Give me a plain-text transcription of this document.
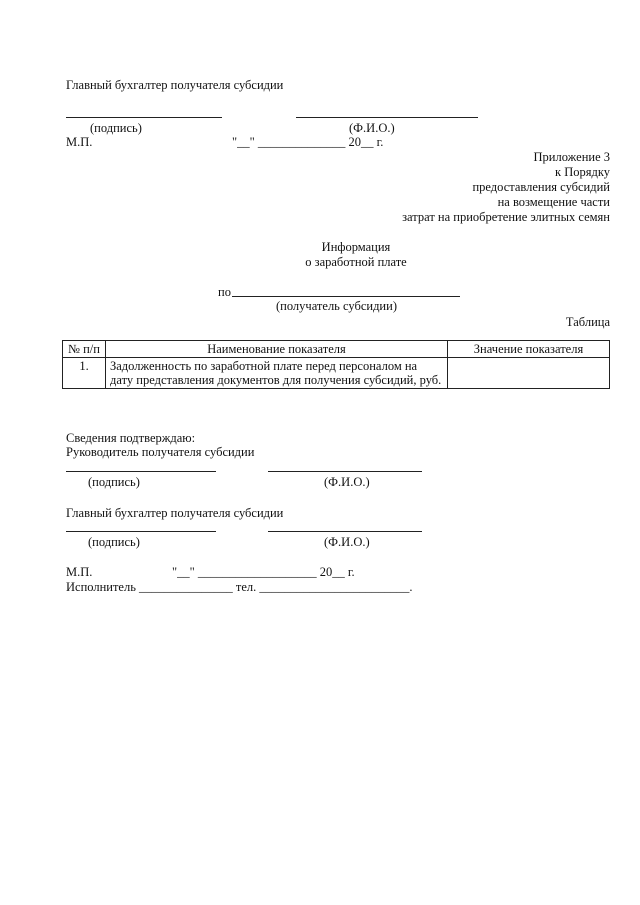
Главный бухгалтер получателя субсидии
(подпись)	(Ф.И.О.)
М.П.	"__" ______________ 20__ г.
Приложение 3
к Порядку
предоставления субсидий
на возмещение части
затрат на приобретение элитных семян
Информация
о заработной плате
по
(получатель субсидии)
Таблица
№ п/п	Наименование показателя	Значение показателя
1.	Задолженность по заработной плате перед персоналом на дату представления документов для получения субсидий, руб.	
Сведения подтверждаю:
Руководитель получателя субсидии
(подпись)	(Ф.И.О.)
Главный бухгалтер получателя субсидии
(подпись)	(Ф.И.О.)
М.П.	"__" ___________________ 20__ г.
Исполнитель _______________ тел. ________________________.
